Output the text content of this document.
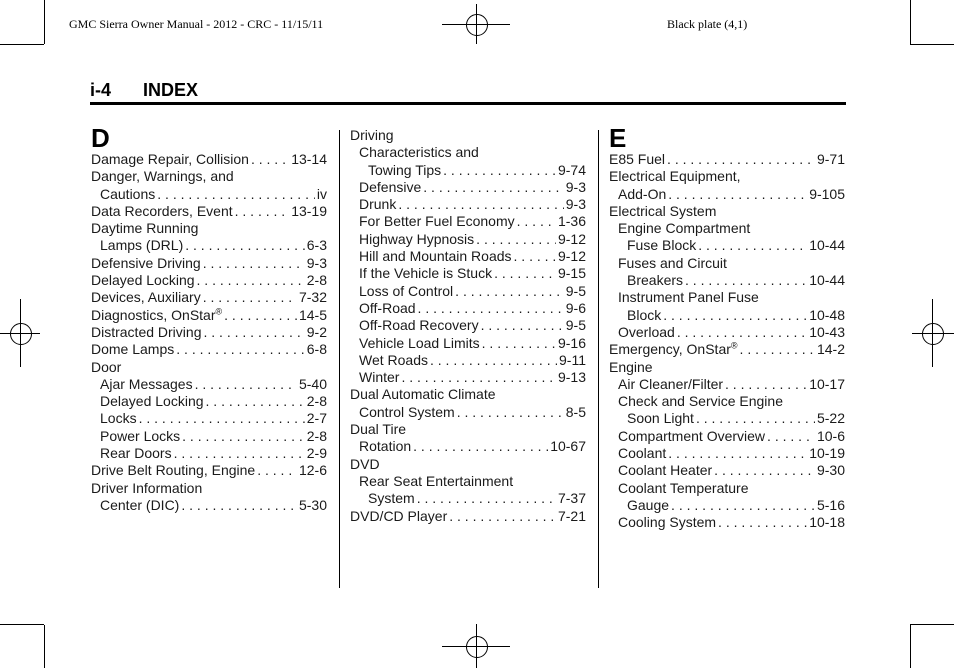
GMC Sierra Owner Manual - 2012 - CRC - 11/15/11	Black plate (4,1)
i-4 INDEX
D
Damage Repair, Collision . . .	13-14
Danger, Warnings, and
Cautions . . .	iv
Data Recorders, Event . . .	13-19
Daytime Running
Lamps (DRL) . . .	6-3
Defensive Driving . . .	9-3
Delayed Locking . . .	2-8
Devices, Auxiliary . . .	7-32
Diagnostics, OnStar® . . .	14-5
Distracted Driving . . .	9-2
Dome Lamps . . .	6-8
Door
Ajar Messages . . .	5-40
Delayed Locking . . .	2-8
Locks . . .	2-7
Power Locks . . .	2-8
Rear Doors . . .	2-9
Drive Belt Routing, Engine . . .	12-6
Driver Information
Center (DIC) . . .	5-30
Driving
Characteristics and
Towing Tips . . .	9-74
Defensive . . .	9-3
Drunk . . .	9-3
For Better Fuel Economy . . .	1-36
Highway Hypnosis . . .	9-12
Hill and Mountain Roads . . .	9-12
If the Vehicle is Stuck . . .	9-15
Loss of Control . . .	9-5
Off-Road . . .	9-6
Off-Road Recovery . . .	9-5
Vehicle Load Limits . . .	9-16
Wet Roads . . .	9-11
Winter . . .	9-13
Dual Automatic Climate
Control System . . .	8-5
Dual Tire
Rotation . . .	10-67
DVD
Rear Seat Entertainment
System . . .	7-37
DVD/CD Player . . .	7-21
E
E85 Fuel . . .	9-71
Electrical Equipment,
Add-On . . .	9-105
Electrical System
Engine Compartment
Fuse Block . . .	10-44
Fuses and Circuit
Breakers . . .	10-44
Instrument Panel Fuse
Block . . .	10-48
Overload . . .	10-43
Emergency, OnStar® . . .	14-2
Engine
Air Cleaner/Filter . . .	10-17
Check and Service Engine
Soon Light . . .	5-22
Compartment Overview . . .	10-6
Coolant . . .	10-19
Coolant Heater . . .	9-30
Coolant Temperature
Gauge . . .	5-16
Cooling System . . .	10-18
